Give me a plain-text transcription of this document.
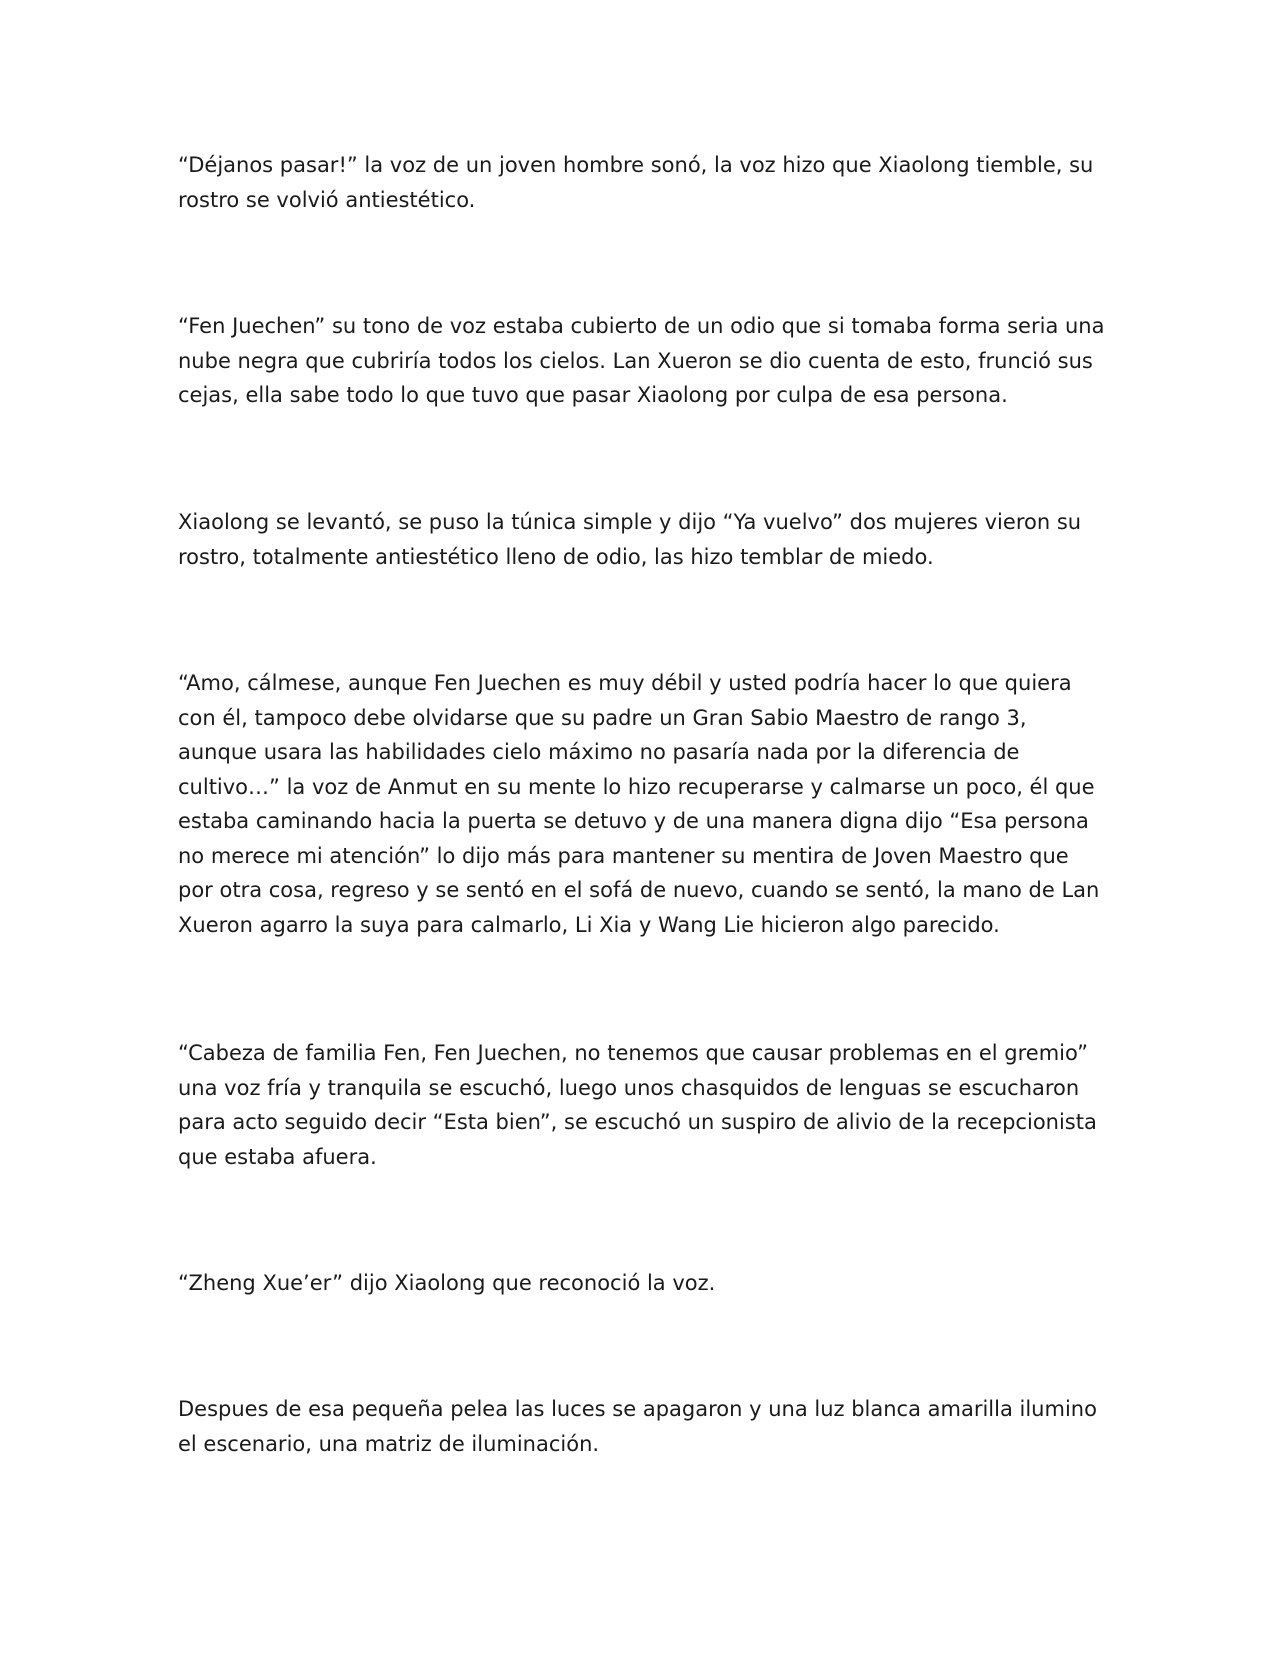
“Déjanos pasar!” la voz de un joven hombre sonó, la voz hizo que Xiaolong tiemble, su rostro se volvió antiestético.

“Fen Juechen” su tono de voz estaba cubierto de un odio que si tomaba forma seria una nube negra que cubriría todos los cielos. Lan Xueron se dio cuenta de esto, frunció sus cejas, ella sabe todo lo que tuvo que pasar Xiaolong por culpa de esa persona.

Xiaolong se levantó, se puso la túnica simple y dijo “Ya vuelvo” dos mujeres vieron su rostro, totalmente antiestético lleno de odio, las hizo temblar de miedo.

“Amo, cálmese, aunque Fen Juechen es muy débil y usted podría hacer lo que quiera con él, tampoco debe olvidarse que su padre un Gran Sabio Maestro de rango 3, aunque usara las habilidades cielo máximo no pasaría nada por la diferencia de cultivo…” la voz de Anmut en su mente lo hizo recuperarse y calmarse un poco, él que estaba caminando hacia la puerta se detuvo y de una manera digna dijo “Esa persona no merece mi atención” lo dijo más para mantener su mentira de Joven Maestro que por otra cosa, regreso y se sentó en el sofá de nuevo, cuando se sentó, la mano de Lan Xueron agarro la suya para calmarlo, Li Xia y Wang Lie hicieron algo parecido.

“Cabeza de familia Fen, Fen Juechen, no tenemos que causar problemas en el gremio” una voz fría y tranquila se escuchó, luego unos chasquidos de lenguas se escucharon para acto seguido decir “Esta bien”, se escuchó un suspiro de alivio de la recepcionista que estaba afuera.

“Zheng Xue’er” dijo Xiaolong que reconoció la voz.

Despues de esa pequeña pelea las luces se apagaron y una luz blanca amarilla ilumino el escenario, una matriz de iluminación.
